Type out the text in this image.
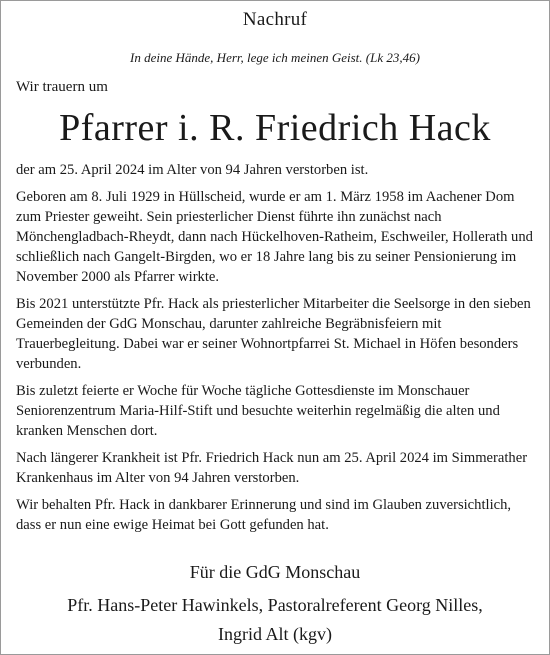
Nachruf
In deine Hände, Herr, lege ich meinen Geist. (Lk 23,46)
Wir trauern um
Pfarrer i. R. Friedrich Hack

der am 25. April 2024 im Alter von 94 Jahren verstorben ist.

Geboren am 8. Juli 1929 in Hüllscheid, wurde er am 1. März 1958 im Aachener Dom zum Priester geweiht. Sein priesterlicher Dienst führte ihn zunächst nach Mönchengladbach-Rheydt, dann nach Hückelhoven-Ratheim, Eschweiler, Hollerath und schließlich nach Gangelt-Birgden, wo er 18 Jahre lang bis zu seiner Pensionierung im November 2000 als Pfarrer wirkte.

Bis 2021 unterstützte Pfr. Hack als priesterlicher Mitarbeiter die Seelsorge in den sieben Gemeinden der GdG Monschau, darunter zahlreiche Begräbnisfeiern mit Trauerbegleitung. Dabei war er seiner Wohnortpfarrei St. Michael in Höfen besonders verbunden.

Bis zuletzt feierte er Woche für Woche tägliche Gottesdienste im Monschauer Seniorenzentrum Maria-Hilf-Stift und besuchte weiterhin regelmäßig die alten und kranken Menschen dort.

Nach längerer Krankheit ist Pfr. Friedrich Hack nun am 25. April 2024 im Simmerather Krankenhaus im Alter von 94 Jahren verstorben.

Wir behalten Pfr. Hack in dankbarer Erinnerung und sind im Glauben zuversichtlich, dass er nun eine ewige Heimat bei Gott gefunden hat.

Für die GdG Monschau
Pfr. Hans-Peter Hawinkels, Pastoralreferent Georg Nilles,
Ingrid Alt (kgv)
